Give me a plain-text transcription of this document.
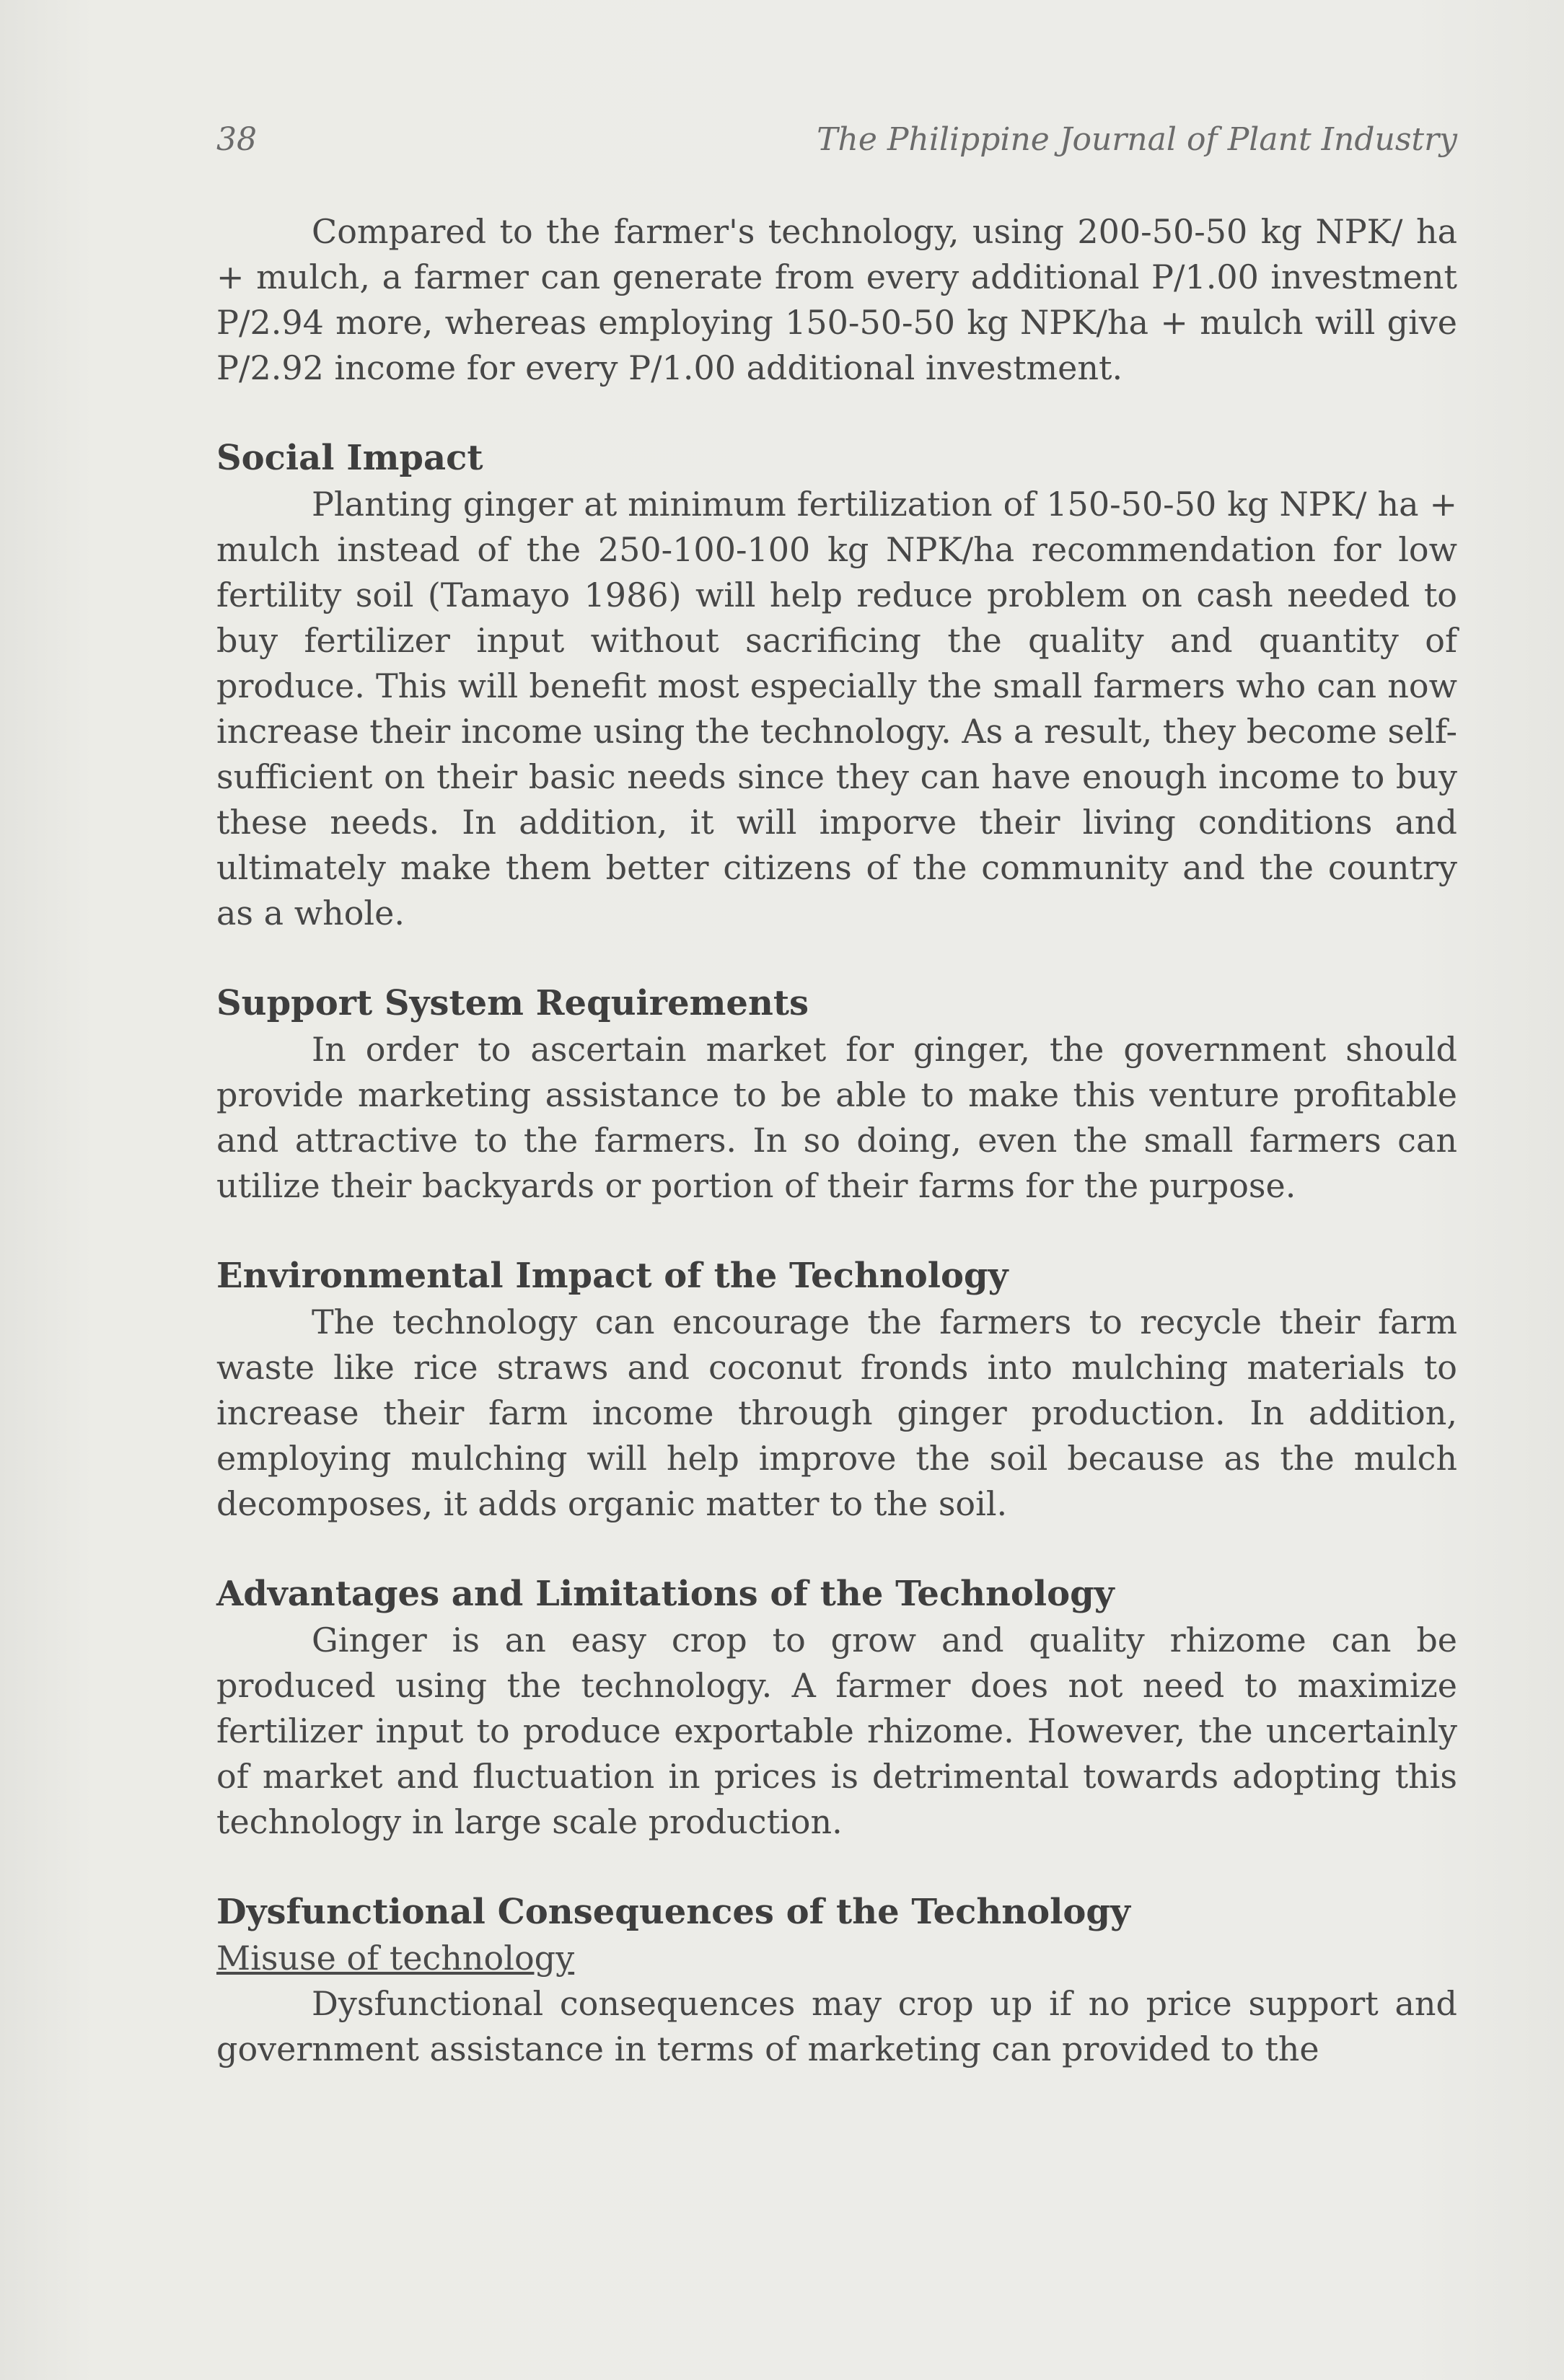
38	The Philippine Journal of Plant Industry

Compared to the farmer's technology, using 200-50-50 kg NPK/ ha + mulch, a farmer can generate from every additional P/1.00 investment P/2.94 more, whereas employing 150-50-50 kg NPK/ha + mulch will give P/2.92 income for every P/1.00 additional investment.

Social Impact

Planting ginger at minimum fertilization of 150-50-50 kg NPK/ ha + mulch instead of the 250-100-100 kg NPK/ha recommendation for low fertility soil (Tamayo 1986) will help reduce problem on cash needed to buy fertilizer input without sacrificing the quality and quantity of produce. This will benefit most especially the small farmers who can now increase their income using the technology. As a result, they become self-sufficient on their basic needs since they can have enough income to buy these needs. In addition, it will imporve their living conditions and ultimately make them better citizens of the community and the country as a whole.

Support System Requirements

In order to ascertain market for ginger, the government should provide marketing assistance to be able to make this venture profitable and attractive to the farmers. In so doing, even the small farmers can utilize their backyards or portion of their farms for the purpose.

Environmental Impact of the Technology

The technology can encourage the farmers to recycle their farm waste like rice straws and coconut fronds into mulching materials to increase their farm income through ginger production. In addition, employing mulching will help improve the soil because as the mulch decomposes, it adds organic matter to the soil.

Advantages and Limitations of the Technology

Ginger is an easy crop to grow and quality rhizome can be produced using the technology. A farmer does not need to maximize fertilizer input to produce exportable rhizome. However, the uncertainly of market and fluctuation in prices is detrimental towards adopting this technology in large scale production.

Dysfunctional Consequences of the Technology
Misuse of technology

Dysfunctional consequences may crop up if no price support and government assistance in terms of marketing can provided to the
